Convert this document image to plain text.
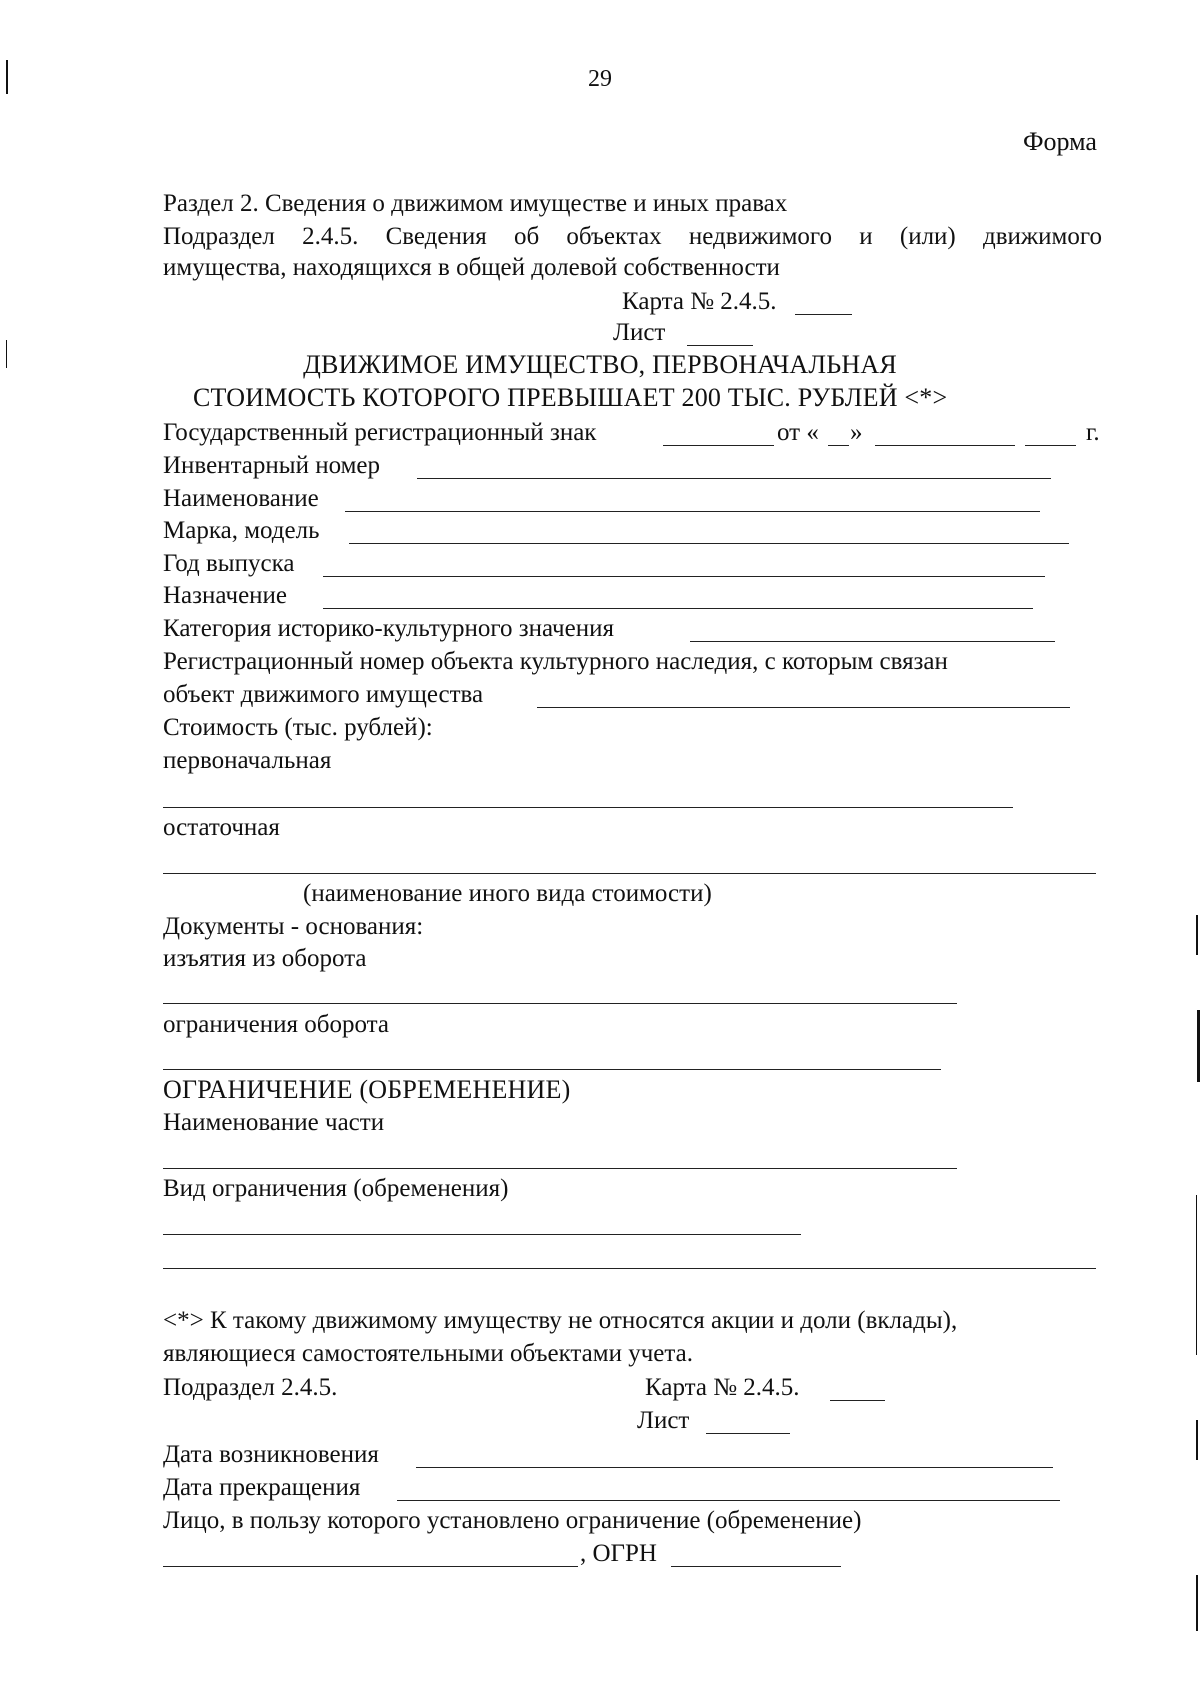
29
Форма
Раздел 2. Сведения о движимом имуществе и иных правах
Подраздел 2.4.5. Сведения об объектах недвижимого и (или) движимого
имущества, находящихся в общей долевой собственности
Карта № 2.4.5.
Лист
ДВИЖИМОЕ ИМУЩЕСТВО, ПЕРВОНАЧАЛЬНАЯ
СТОИМОСТЬ КОТОРОГО ПРЕВЫШАЕТ 200 ТЫС. РУБЛЕЙ <*>
Государственный регистрационный знак	от « »	г.
Инвентарный номер
Наименование
Марка, модель
Год выпуска
Назначение
Категория историко-культурного значения
Регистрационный номер объекта культурного наследия, с которым связан
объект движимого имущества
Стоимость (тыс. рублей):
первоначальная
остаточная
(наименование иного вида стоимости)
Документы - основания:
изъятия из оборота
ограничения оборота
ОГРАНИЧЕНИЕ (ОБРЕМЕНЕНИЕ)
Наименование части
Вид ограничения (обременения)
<*> К такому движимому имуществу не относятся акции и доли (вклады),
являющиеся самостоятельными объектами учета.
Подраздел 2.4.5.	Карта № 2.4.5.
Лист
Дата возникновения
Дата прекращения
Лицо, в пользу которого установлено ограничение (обременение)
, ОГРН
